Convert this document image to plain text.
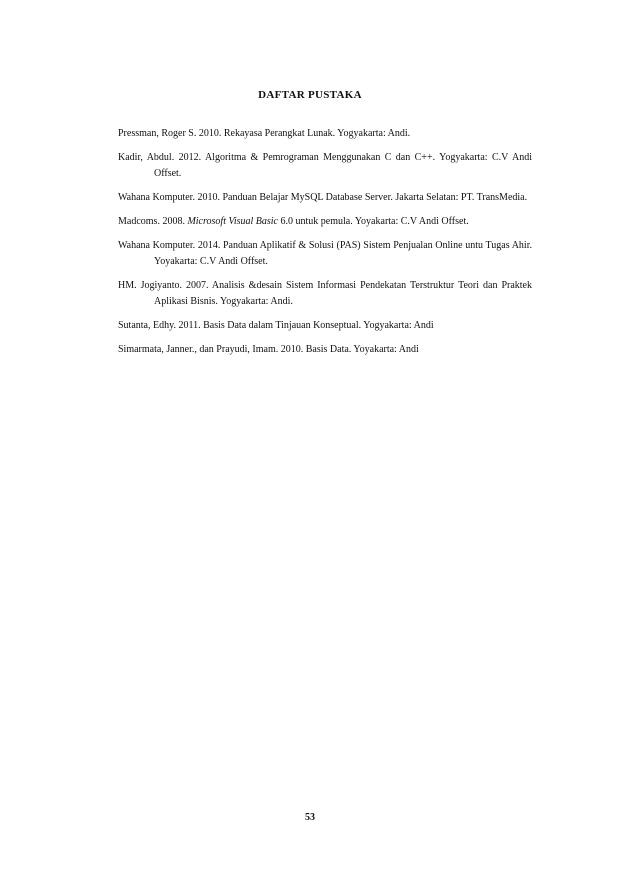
DAFTAR PUSTAKA
Pressman, Roger S. 2010. Rekayasa Perangkat Lunak. Yogyakarta: Andi.
Kadir, Abdul. 2012. Algoritma & Pemrograman Menggunakan C dan C++. Yogyakarta: C.V Andi Offset.
Wahana Komputer. 2010. Panduan Belajar MySQL Database Server. Jakarta Selatan: PT. TransMedia.
Madcoms. 2008. Microsoft Visual Basic 6.0 untuk pemula. Yoyakarta: C.V Andi Offset.
Wahana Komputer. 2014. Panduan Aplikatif & Solusi (PAS) Sistem Penjualan Online untu Tugas Ahir. Yoyakarta: C.V Andi Offset.
HM. Jogiyanto. 2007. Analisis &desain Sistem Informasi Pendekatan Terstruktur Teori dan Praktek Aplikasi Bisnis. Yogyakarta: Andi.
Sutanta, Edhy. 2011. Basis Data dalam Tinjauan Konseptual. Yogyakarta: Andi
Simarmata, Janner., dan Prayudi, Imam. 2010. Basis Data. Yoyakarta: Andi
53
